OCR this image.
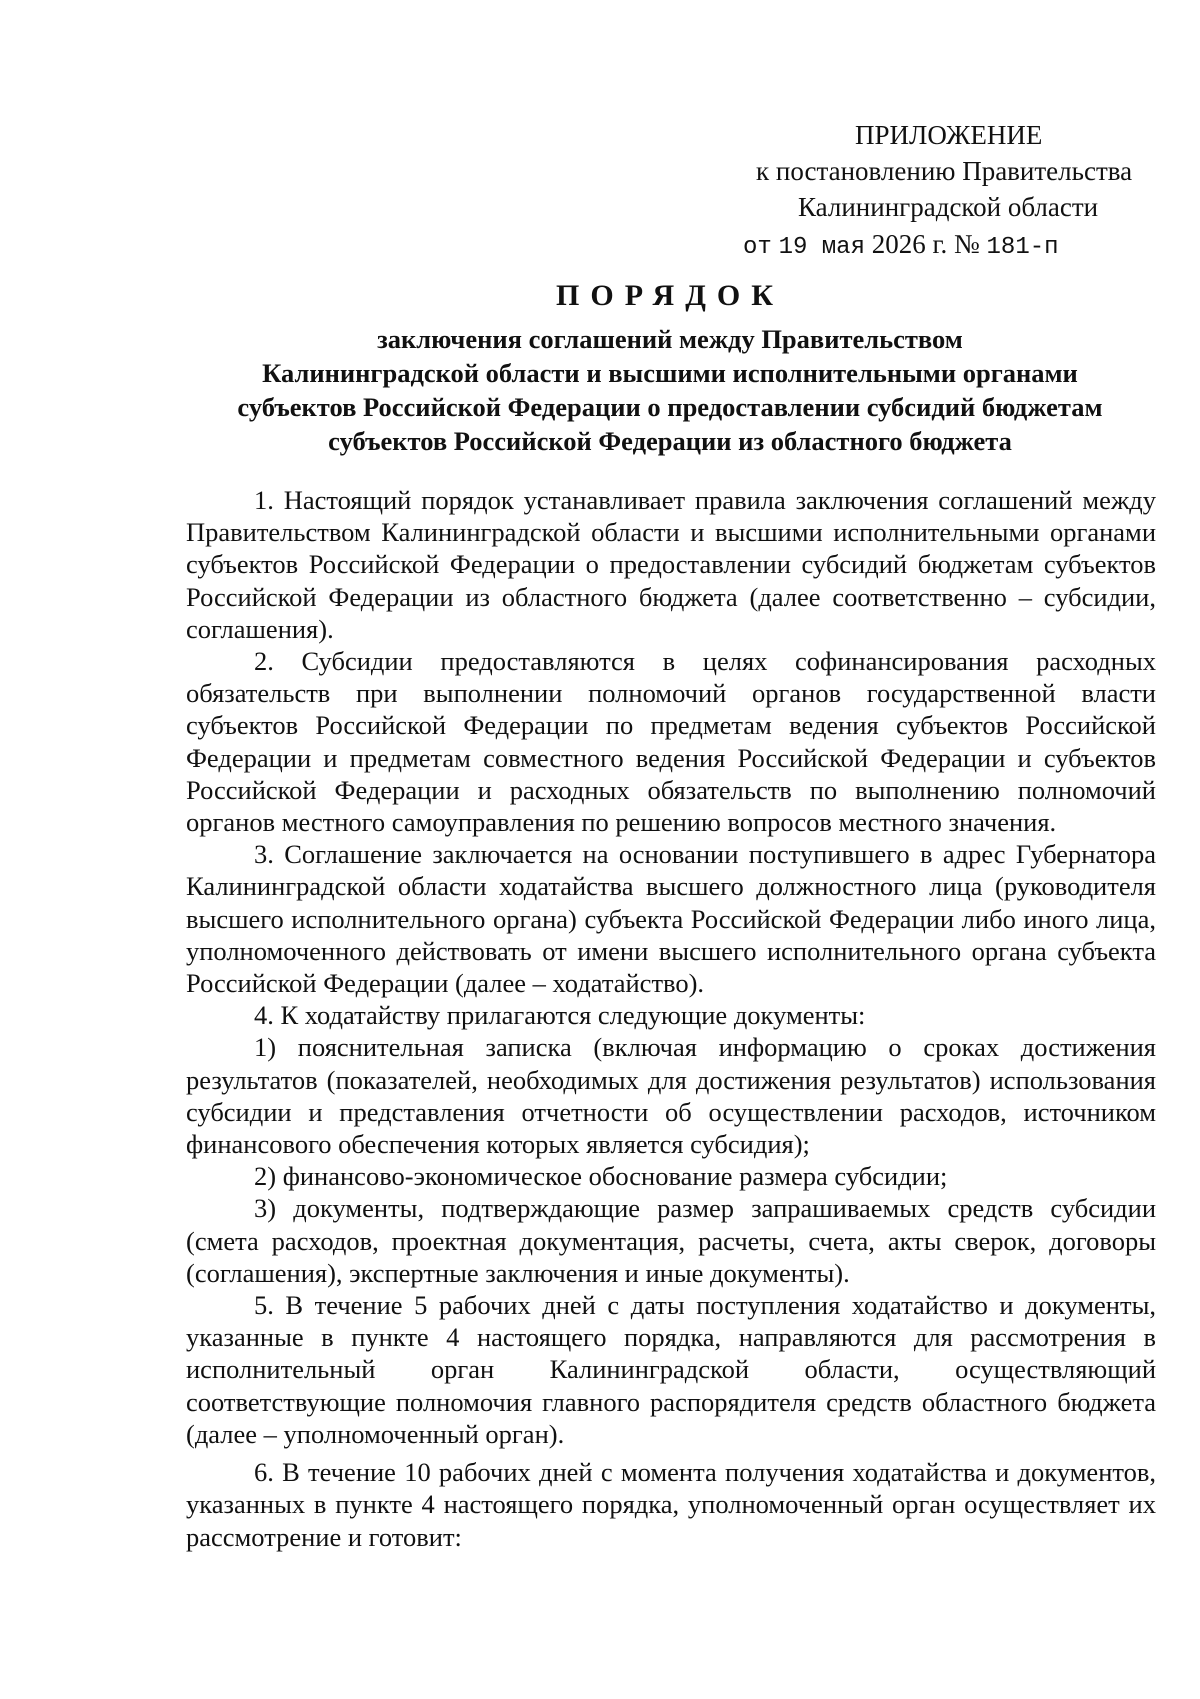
ПРИЛОЖЕНИЕ
к постановлению Правительства
Калининградской области
от 19 мая 2026 г. № 181-п
ПОРЯДОК
заключения соглашений между Правительством
Калининградской области и высшими исполнительными органами
субъектов Российской Федерации о предоставлении субсидий бюджетам
субъектов Российской Федерации из областного бюджета

1. Настоящий порядок устанавливает правила заключения соглашений между Правительством Калининградской области и высшими исполнительными органами субъектов Российской Федерации о предоставлении субсидий бюджетам субъектов Российской Федерации из областного бюджета (далее соответственно – субсидии, соглашения).

2. Субсидии предоставляются в целях софинансирования расходных обязательств при выполнении полномочий органов государственной власти субъектов Российской Федерации по предметам ведения субъектов Российской Федерации и предметам совместного ведения Российской Федерации и субъектов Российской Федерации и расходных обязательств по выполнению полномочий органов местного самоуправления по решению вопросов местного значения.

3. Соглашение заключается на основании поступившего в адрес Губернатора Калининградской области ходатайства высшего должностного лица (руководителя высшего исполнительного органа) субъекта Российской Федерации либо иного лица, уполномоченного действовать от имени высшего исполнительного органа субъекта Российской Федерации (далее – ходатайство).

4. К ходатайству прилагаются следующие документы:

1) пояснительная записка (включая информацию о сроках достижения результатов (показателей, необходимых для достижения результатов) использования субсидии и представления отчетности об осуществлении расходов, источником финансового обеспечения которых является субсидия);

2) финансово-экономическое обоснование размера субсидии;

3) документы, подтверждающие размер запрашиваемых средств субсидии (смета расходов, проектная документация, расчеты, счета, акты сверок, договоры (соглашения), экспертные заключения и иные документы).

5. В течение 5 рабочих дней с даты поступления ходатайство и документы, указанные в пункте 4 настоящего порядка, направляются для рассмотрения в исполнительный орган Калининградской области, осуществляющий соответствующие полномочия главного распорядителя средств областного бюджета (далее – уполномоченный орган).

6. В течение 10 рабочих дней с момента получения ходатайства и документов, указанных в пункте 4 настоящего порядка, уполномоченный орган осуществляет их рассмотрение и готовит:
